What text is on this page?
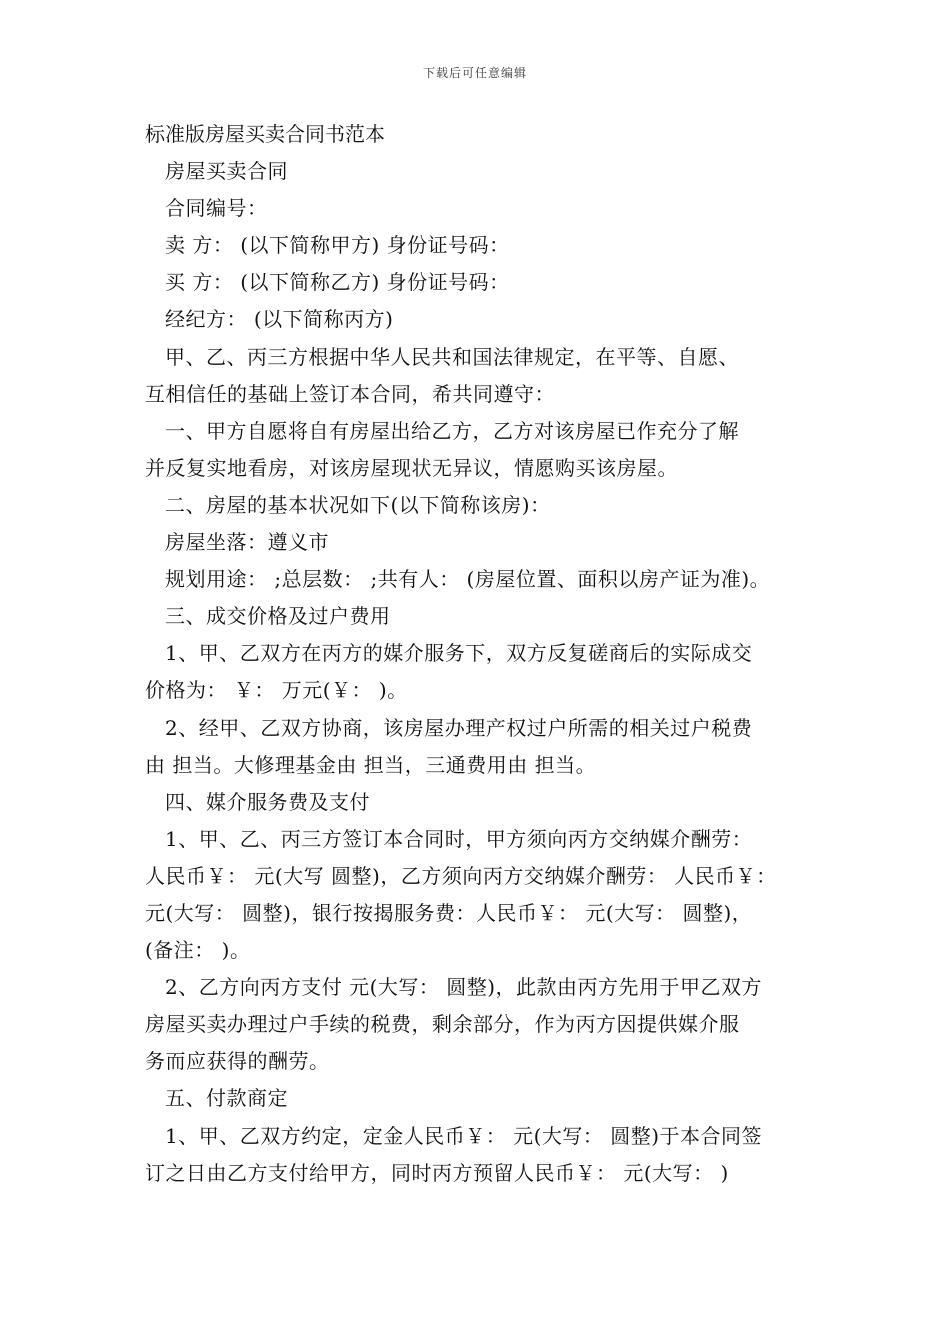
下载后可任意编辑
标准版房屋买卖合同书范本
房屋买卖合同
合同编号：
卖 方： (以下简称甲方) 身份证号码：
买 方： (以下简称乙方) 身份证号码：
经纪方： (以下简称丙方)
甲、乙、丙三方根据中华人民共和国法律规定，在平等、自愿、
互相信任的基础上签订本合同，希共同遵守：
一、甲方自愿将自有房屋出给乙方，乙方对该房屋已作充分了解
并反复实地看房，对该房屋现状无异议，情愿购买该房屋。
二、房屋的基本状况如下(以下简称该房)：
房屋坐落：遵义市
规划用途： ;总层数： ;共有人： (房屋位置、面积以房产证为准)。
三、成交价格及过户费用
1、甲、乙双方在丙方的媒介服务下，双方反复磋商后的实际成交
价格为： ￥： 万元(￥： )。
2、经甲、乙双方协商，该房屋办理产权过户所需的相关过户税费
由 担当。大修理基金由 担当，三通费用由 担当。
四、媒介服务费及支付
1、甲、乙、丙三方签订本合同时，甲方须向丙方交纳媒介酬劳：
人民币￥： 元(大写 圆整)，乙方须向丙方交纳媒介酬劳： 人民币￥：
元(大写： 圆整)，银行按揭服务费：人民币￥： 元(大写： 圆整)，
(备注： )。
2、乙方向丙方支付 元(大写： 圆整)，此款由丙方先用于甲乙双方
房屋买卖办理过户手续的税费，剩余部分，作为丙方因提供媒介服
务而应获得的酬劳。
五、付款商定
1、甲、乙双方约定，定金人民币￥： 元(大写： 圆整)于本合同签
订之日由乙方支付给甲方，同时丙方预留人民币￥： 元(大写： )
